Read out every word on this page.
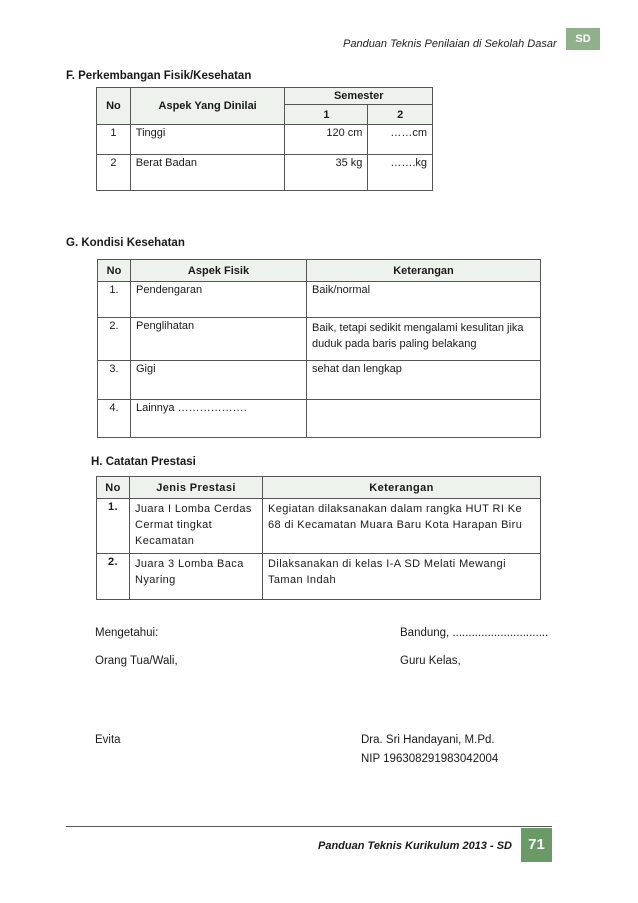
Panduan Teknis Penilaian di Sekolah Dasar	SD
F. Perkembangan Fisik/Kesehatan
No	Aspek Yang Dinilai	Semester	
		1	2
1	Tinggi	120 cm	……cm
2	Berat Badan	35 kg	…….kg
G. Kondisi Kesehatan
No	Aspek Fisik	Keterangan
1.	Pendengaran	Baik/normal
2.	Penglihatan	Baik, tetapi sedikit mengalami kesulitan jika duduk pada baris paling belakang
3.	Gigi	sehat dan lengkap
4.	Lainnya ……………….	
H. Catatan Prestasi
No	Jenis Prestasi	Keterangan
1.	Juara I Lomba Cerdas Cermat tingkat Kecamatan	Kegiatan dilaksanakan dalam rangka HUT RI Ke 68 di Kecamatan Muara Baru Kota Harapan Biru
2.	Juara 3 Lomba Baca Nyaring	Dilaksanakan di kelas I-A SD Melati Mewangi Taman Indah
Mengetahui:	Bandung, ..............................
Orang Tua/Wali,	Guru Kelas,
Evita	Dra. Sri Handayani, M.Pd.
NIP 196308291983042004
Panduan Teknis Kurikulum 2013 - SD	71
